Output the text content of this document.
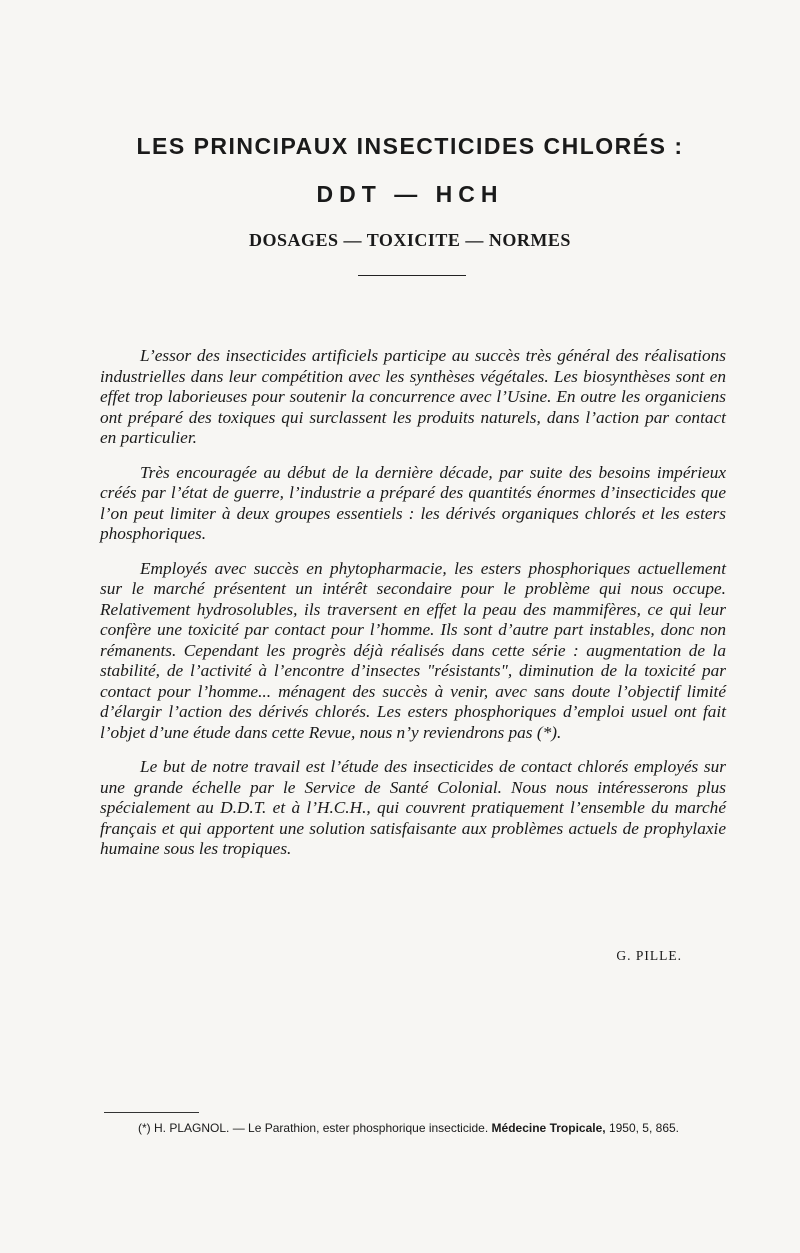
LES PRINCIPAUX INSECTICIDES CHLORÉS :
DDT — HCH
DOSAGES — TOXICITE — NORMES

L’essor des insecticides artificiels participe au succès très général des réalisations industrielles dans leur compétition avec les synthèses végétales. Les biosynthèses sont en effet trop laborieuses pour soutenir la concurrence avec l’Usine. En outre les organiciens ont préparé des toxiques qui surclassent les produits naturels, dans l’action par contact en particulier.

Très encouragée au début de la dernière décade, par suite des besoins impérieux créés par l’état de guerre, l’industrie a préparé des quantités énormes d’insecticides que l’on peut limiter à deux groupes essentiels : les dérivés organiques chlorés et les esters phosphoriques.

Employés avec succès en phytopharmacie, les esters phosphoriques actuellement sur le marché présentent un intérêt secondaire pour le problème qui nous occupe. Relativement hydrosolubles, ils traversent en effet la peau des mammifères, ce qui leur confère une toxicité par contact pour l’homme. Ils sont d’autre part instables, donc non rémanents. Cependant les progrès déjà réalisés dans cette série : augmentation de la stabilité, de l’activité à l’encontre d’insectes "résistants", diminution de la toxicité par contact pour l’homme... ménagent des succès à venir, avec sans doute l’objectif limité d’élargir l’action des dérivés chlorés. Les esters phosphoriques d’emploi usuel ont fait l’objet d’une étude dans cette Revue, nous n’y reviendrons pas (*).

Le but de notre travail est l’étude des insecticides de contact chlorés employés sur une grande échelle par le Service de Santé Colonial. Nous nous intéresserons plus spécialement au D.D.T. et à l’H.C.H., qui couvrent pratiquement l’ensemble du marché français et qui apportent une solution satisfaisante aux problèmes actuels de prophylaxie humaine sous les tropiques.

G. PILLE.
(*) H. PLAGNOL. — Le Parathion, ester phosphorique insecticide. Médecine Tropicale, 1950, 5, 865.
